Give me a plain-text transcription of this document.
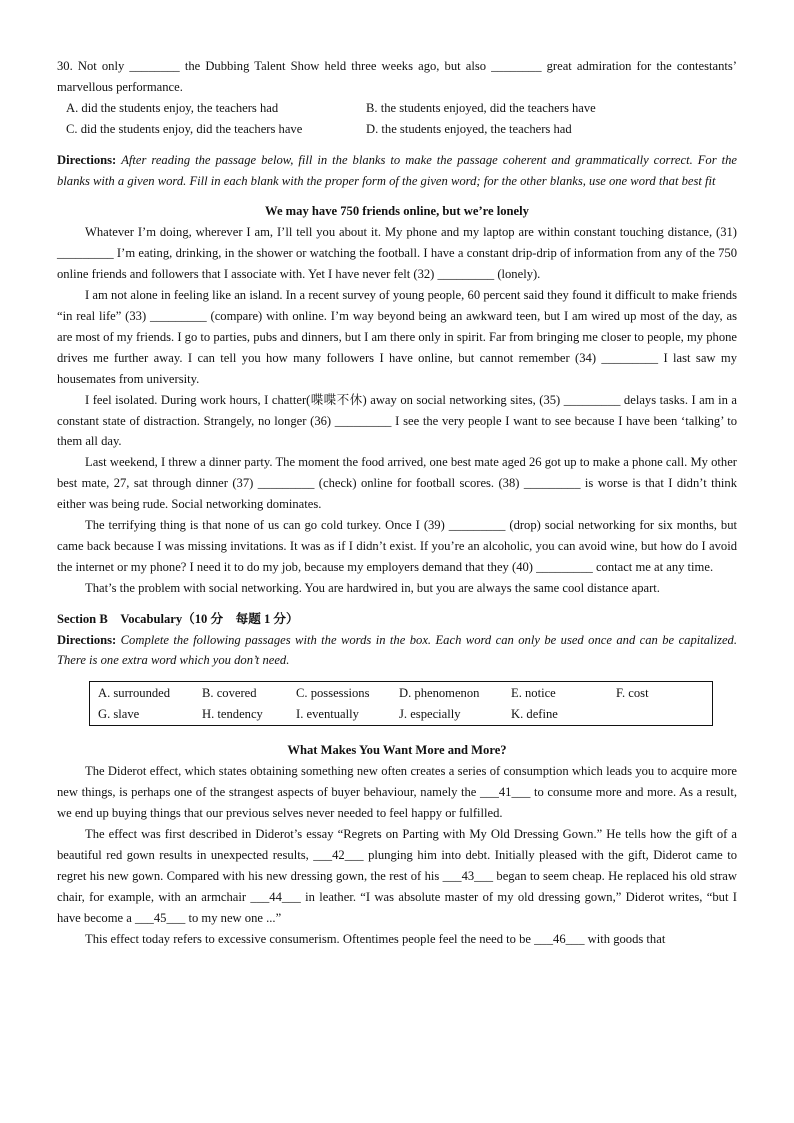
30. Not only ________ the Dubbing Talent Show held three weeks ago, but also ________ great admiration for the contestants’ marvellous performance.

A. did the students enjoy, the teachers had	B. the students enjoyed, did the teachers have
C. did the students enjoy, did the teachers have	D. the students enjoyed, the teachers had

Directions: After reading the passage below, fill in the blanks to make the passage coherent and grammatically correct. For the blanks with a given word. Fill in each blank with the proper form of the given word; for the other blanks, use one word that best fit

We may have 750 friends online, but we’re lonely

Whatever I’m doing, wherever I am, I’ll tell you about it. My phone and my laptop are within constant touching distance, (31) _________ I’m eating, drinking, in the shower or watching the football. I have a constant drip-drip of information from any of the 750 online friends and followers that I associate with. Yet I have never felt (32) _________ (lonely).

I am not alone in feeling like an island. In a recent survey of young people, 60 percent said they found it difficult to make friends “in real life” (33) _________ (compare) with online. I’m way beyond being an awkward teen, but I am wired up most of the day, as are most of my friends. I go to parties, pubs and dinners, but I am there only in spirit. Far from bringing me closer to people, my phone drives me further away. I can tell you how many followers I have online, but cannot remember (34) _________ I last saw my housemates from university.

I feel isolated. During work hours, I chatter(喋喋不休) away on social networking sites, (35) _________ delays tasks. I am in a constant state of distraction. Strangely, no longer (36) _________ I see the very people I want to see because I have been ‘talking’ to them all day.

Last weekend, I threw a dinner party. The moment the food arrived, one best mate aged 26 got up to make a phone call. My other best mate, 27, sat through dinner (37) _________ (check) online for football scores. (38) _________ is worse is that I didn’t think either was being rude. Social networking dominates.

The terrifying thing is that none of us can go cold turkey. Once I (39) _________ (drop) social networking for six months, but came back because I was missing invitations. It was as if I didn’t exist. If you’re an alcoholic, you can avoid wine, but how do I avoid the internet or my phone? I need it to do my job, because my employers demand that they (40) _________ contact me at any time.

That’s the problem with social networking. You are hardwired in, but you are always the same cool distance apart.

Section B　Vocabulary（10 分　每题 1 分）

Directions: Complete the following passages with the words in the box. Each word can only be used once and can be capitalized. There is one extra word which you don’t need.

A. surrounded	B. covered	C. possessions	D. phenomenon	E. notice	F. cost
G. slave	H. tendency	I. eventually	J. especially	K. define

What Makes You Want More and More?

The Diderot effect, which states obtaining something new often creates a series of consumption which leads you to acquire more new things, is perhaps one of the strangest aspects of buyer behaviour, namely the ___41___ to consume more and more. As a result, we end up buying things that our previous selves never needed to feel happy or fulfilled.

The effect was first described in Diderot’s essay “Regrets on Parting with My Old Dressing Gown.” He tells how the gift of a beautiful red gown results in unexpected results, ___42___ plunging him into debt. Initially pleased with the gift, Diderot came to regret his new gown. Compared with his new dressing gown, the rest of his ___43___ began to seem cheap. He replaced his old straw chair, for example, with an armchair ___44___ in leather. “I was absolute master of my old dressing gown,” Diderot writes, “but I have become a ___45___ to my new one ...”

This effect today refers to excessive consumerism. Oftentimes people feel the need to be ___46___ with goods that
